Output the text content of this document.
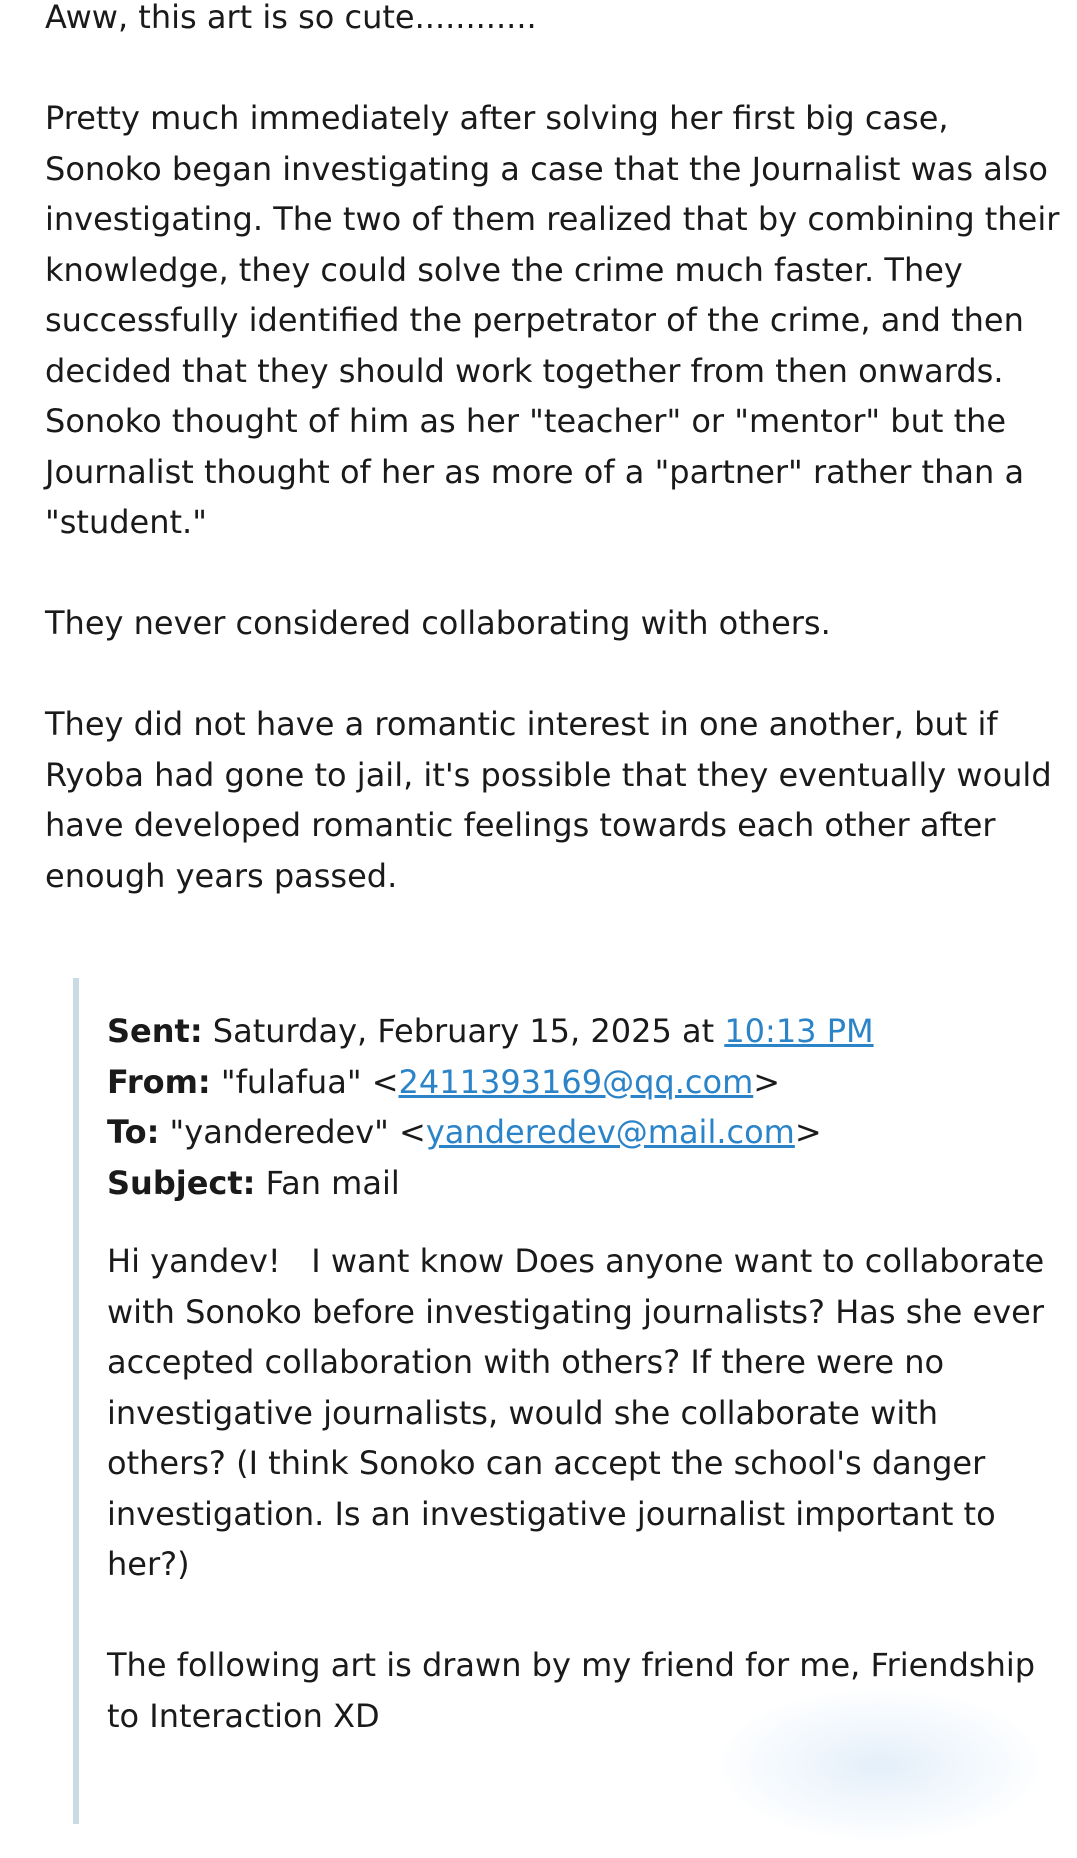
Aww, this art is so cute............

Pretty much immediately after solving her first big case, Sonoko began investigating a case that the Journalist was also investigating. The two of them realized that by combining their knowledge, they could solve the crime much faster. They successfully identified the perpetrator of the crime, and then decided that they should work together from then onwards. Sonoko thought of him as her "teacher" or "mentor" but the Journalist thought of her as more of a "partner" rather than a "student."

They never considered collaborating with others.

They did not have a romantic interest in one another, but if Ryoba had gone to jail, it's possible that they eventually would have developed romantic feelings towards each other after enough years passed.

Sent: Saturday, February 15, 2025 at 10:13 PM

From: "fulafua" <2411393169@qq.com>

To: "yanderedev" <yanderedev@mail.com>

Subject: Fan mail

Hi yandev!   I want know Does anyone want to collaborate with Sonoko before investigating journalists? Has she ever accepted collaboration with others? If there were no investigative journalists, would she collaborate with others? (I think Sonoko can accept the school's danger investigation. Is an investigative journalist important to her?)

The following art is drawn by my friend for me, Friendship to Interaction XD
